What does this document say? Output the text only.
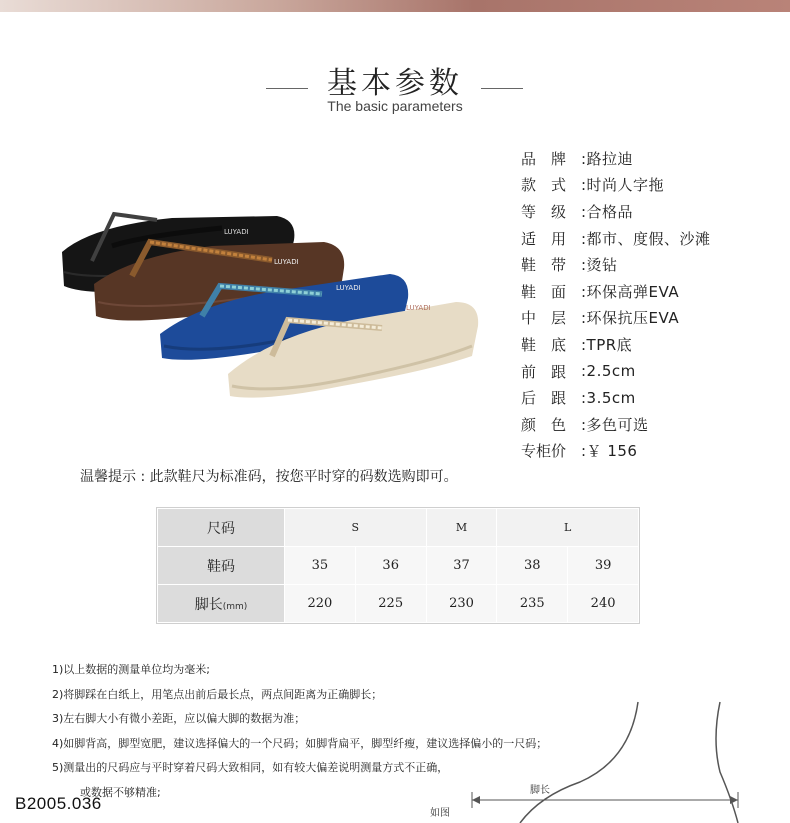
基本参数
The basic parameters
LUYADI
LUYADI
LUYADI
LUYADI
品　牌 :路拉迪
款　式 :时尚人字拖
等　级 :合格品
适　用 :都市、度假、沙滩
鞋　带 :烫钻
鞋　面 :环保高弹EVA
中　层 :环保抗压EVA
鞋　底 :TPR底
前　跟 :2.5cm
后　跟 :3.5cm
颜　色 :多色可选
专柜价 :￥ 156
温馨提示 : 此款鞋尺为标准码，按您平时穿的码数选购即可。
尺码	S		M	L	
鞋码	35	36	37	38	39
脚长(mm)	220	225	230	235	240
1)以上数据的测量单位均为毫米;
2)将脚踩在白纸上，用笔点出前后最长点，两点间距离为正确脚长；
3)左右脚大小有微小差距，应以偏大脚的数据为准；
4)如脚背高，脚型宽肥，建议选择偏大的一个尺码；如脚背扁平，脚型纤瘦，建议选择偏小的一尺码；
5)测量出的尺码应与平时穿着尺码大致相同，如有较大偏差说明测量方式不正确，
或数据不够精准;	脚长
如图
B2005.036
